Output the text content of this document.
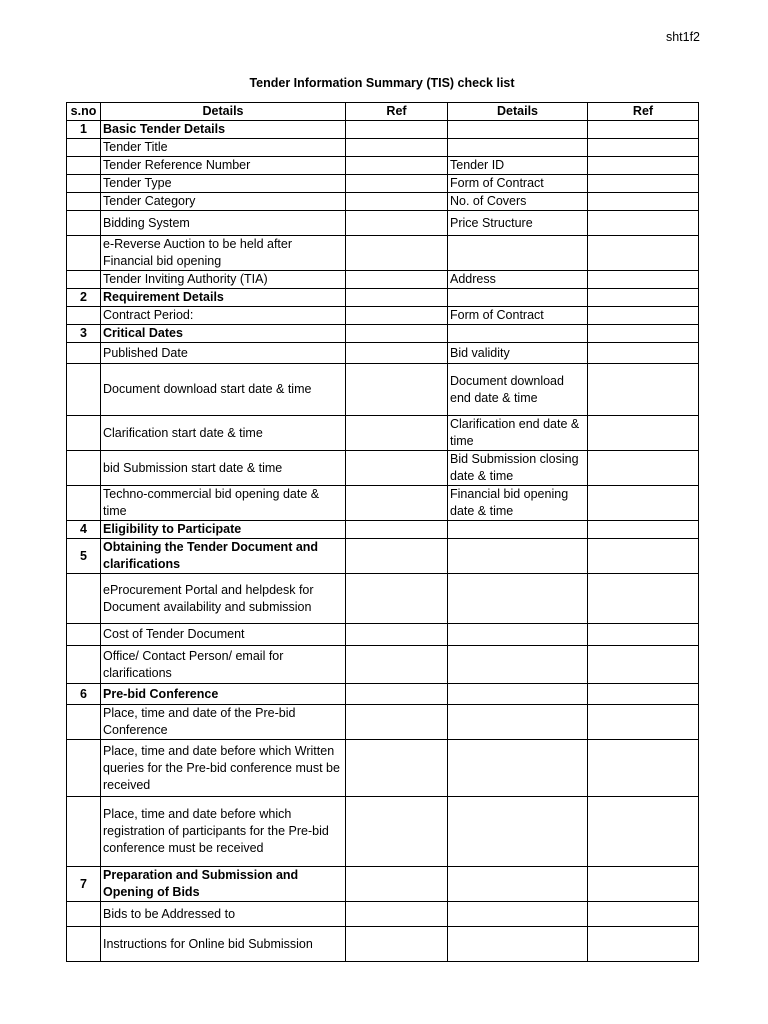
sht1f2
Tender Information Summary (TIS) check list
s.no	Details	Ref	Details	Ref
1	Basic Tender Details			
	Tender Title			
	Tender Reference Number		Tender ID	
	Tender Type		Form of Contract	
	Tender Category		No. of Covers	
	Bidding System		Price Structure	
	e-Reverse Auction to be held after Financial bid opening			
	Tender Inviting Authority (TIA)		Address	
2	Requirement Details			
	Contract Period:		Form of Contract	
3	Critical Dates			
	Published Date		Bid validity	
	Document download start date & time		Document download end date & time	
	Clarification start date & time		Clarification end date & time	
	bid Submission start date & time		Bid Submission closing date & time	
	Techno-commercial bid opening date & time		Financial bid opening date & time	
4	Eligibility to Participate			
5	Obtaining the Tender Document and clarifications			
	eProcurement Portal and helpdesk for Document availability and submission			
	Cost of Tender Document			
	Office/ Contact Person/ email for clarifications			
6	Pre-bid Conference			
	Place, time and date of the Pre-bid Conference			
	Place, time and date before which Written queries for the Pre-bid conference must be received			
	Place, time and date before which registration of participants for the Pre-bid conference must be received			
7	Preparation and Submission and Opening of Bids			
	Bids to be Addressed to			
	Instructions for Online bid Submission			
